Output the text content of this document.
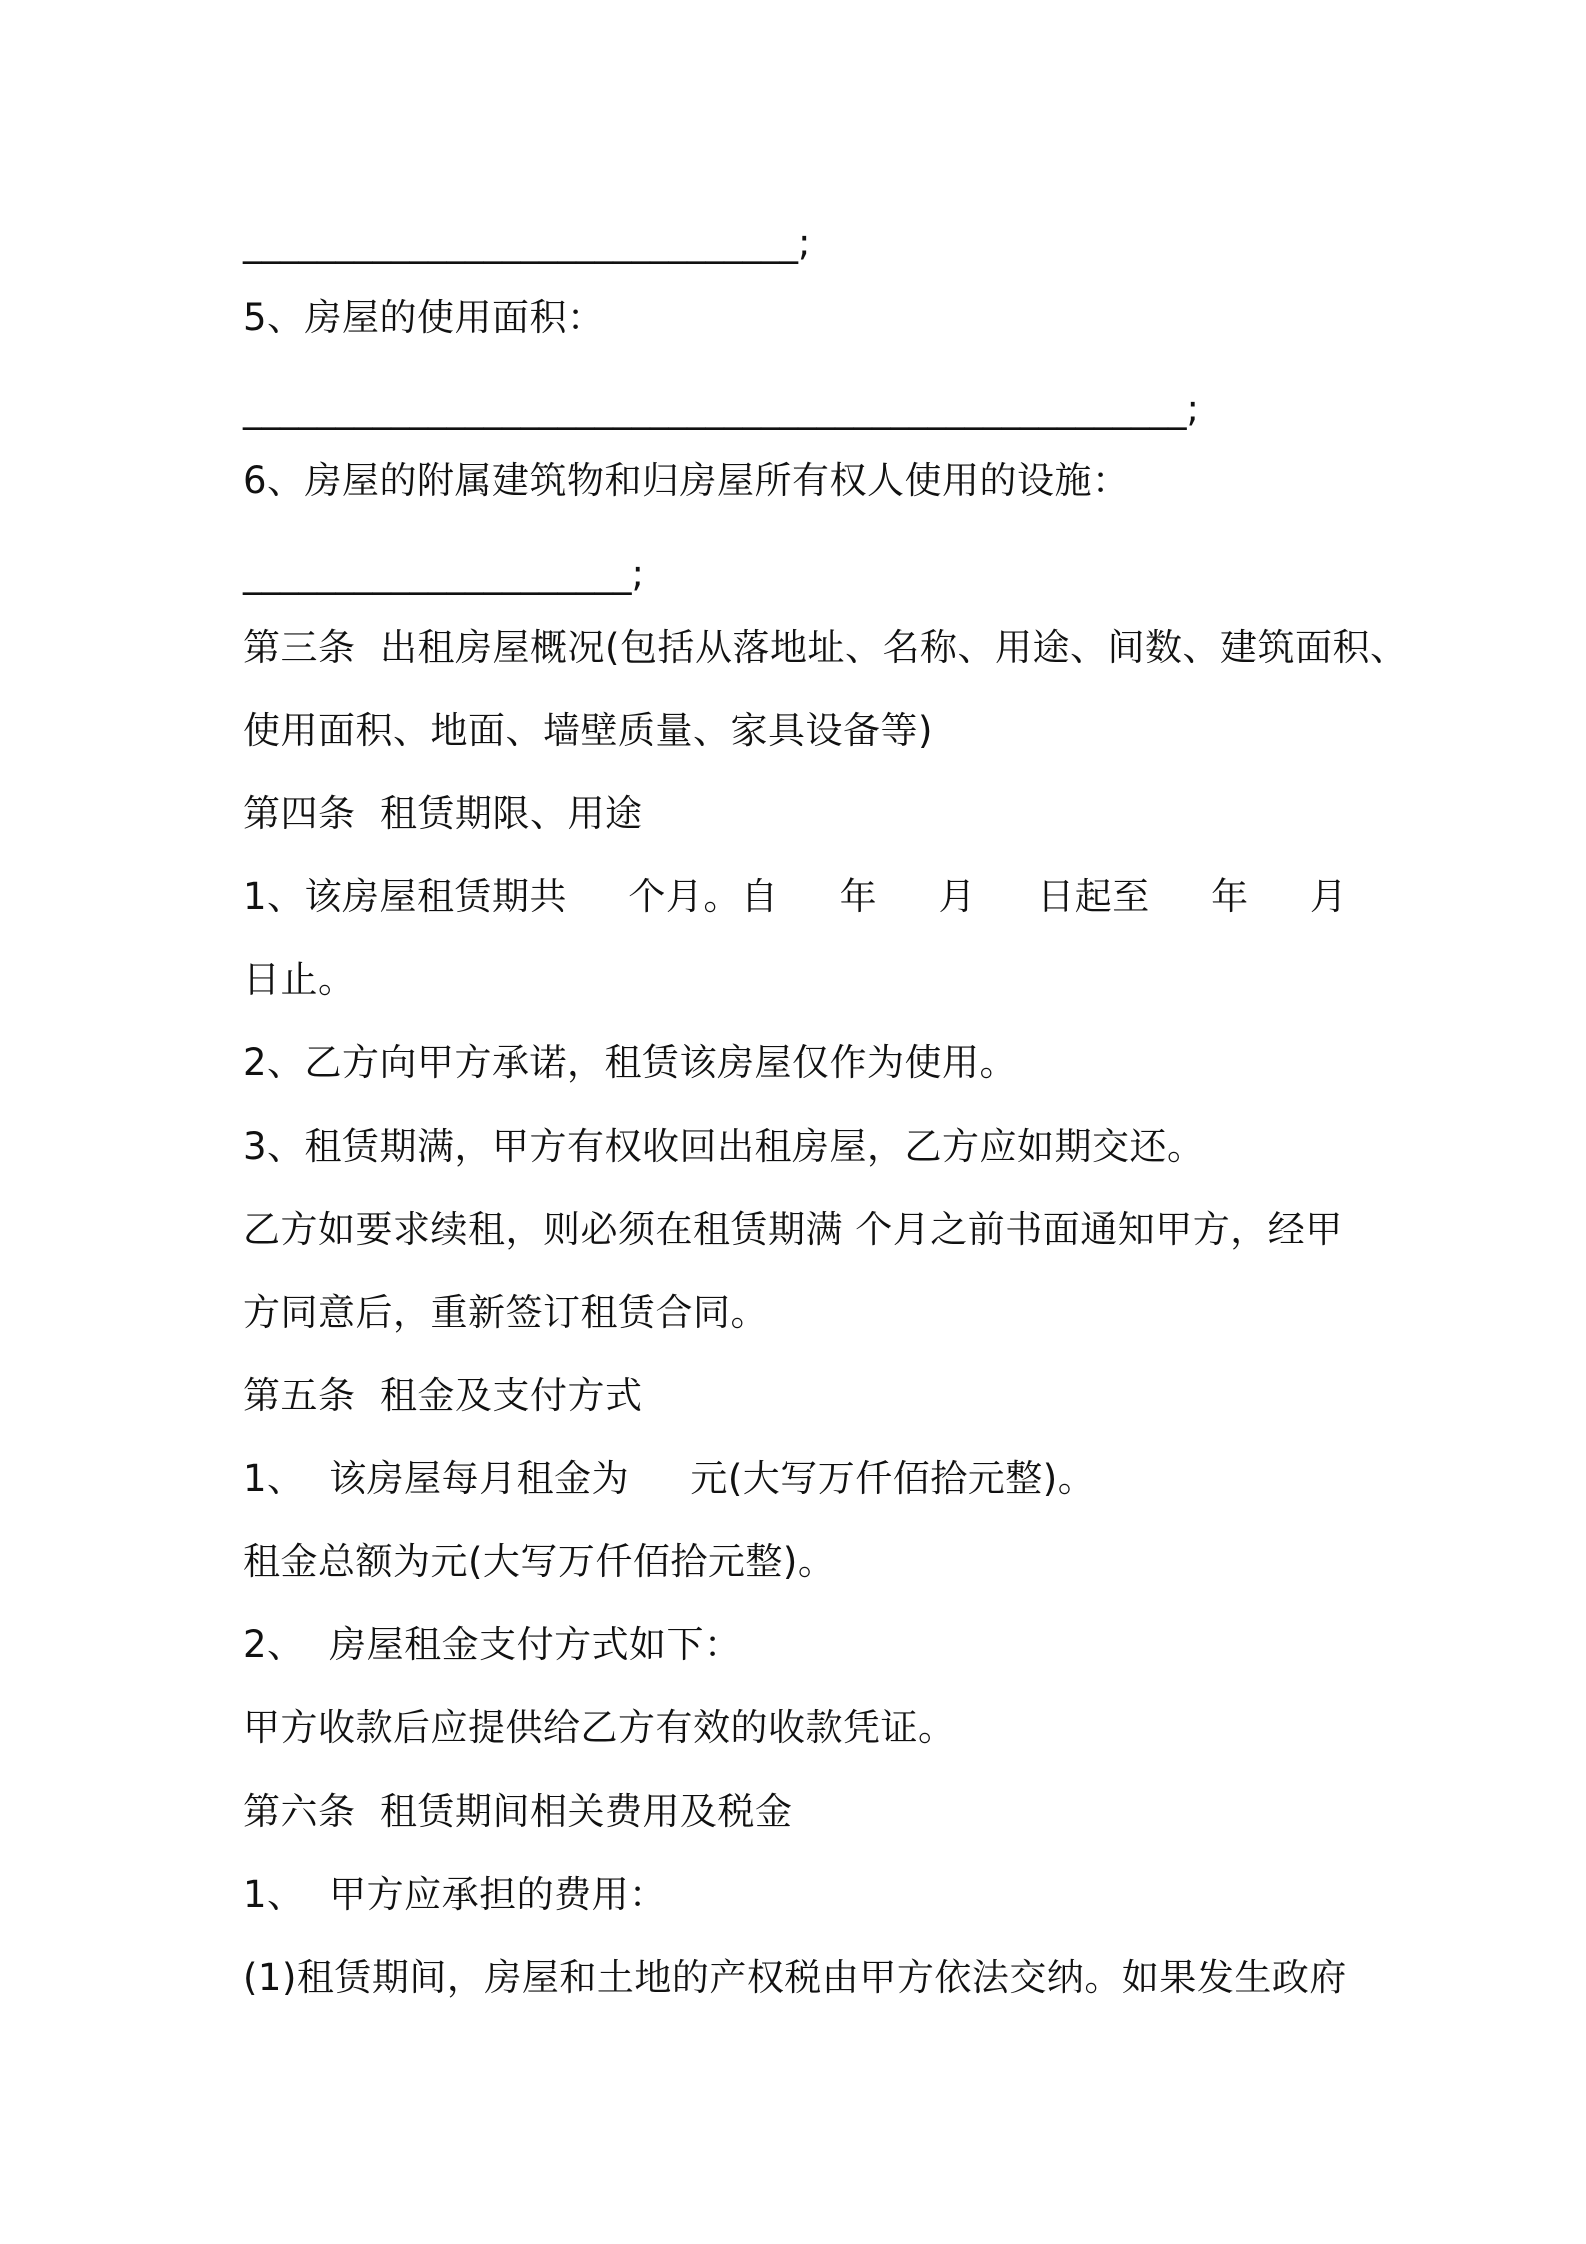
______________________________;
5、房屋的使用面积：
___________________________________________________;
6、房屋的附属建筑物和归房屋所有权人使用的设施：
_____________________;
第三条  出租房屋概况(包括从落地址、名称、用途、间数、建筑面积、
使用面积、地面、墙壁质量、家具设备等)
第四条  租赁期限、用途
1、该房屋租赁期共     个月。自     年     月     日起至     年     月
日止。
2、乙方向甲方承诺，租赁该房屋仅作为使用。
3、租赁期满，甲方有权收回出租房屋，乙方应如期交还。
乙方如要求续租，则必须在租赁期满 个月之前书面通知甲方，经甲
方同意后，重新签订租赁合同。
第五条  租金及支付方式
1、  该房屋每月租金为     元(大写万仟佰拾元整)。
租金总额为元(大写万仟佰拾元整)。
2、  房屋租金支付方式如下：
甲方收款后应提供给乙方有效的收款凭证。
第六条  租赁期间相关费用及税金
1、  甲方应承担的费用：
(1)租赁期间，房屋和土地的产权税由甲方依法交纳。如果发生政府
